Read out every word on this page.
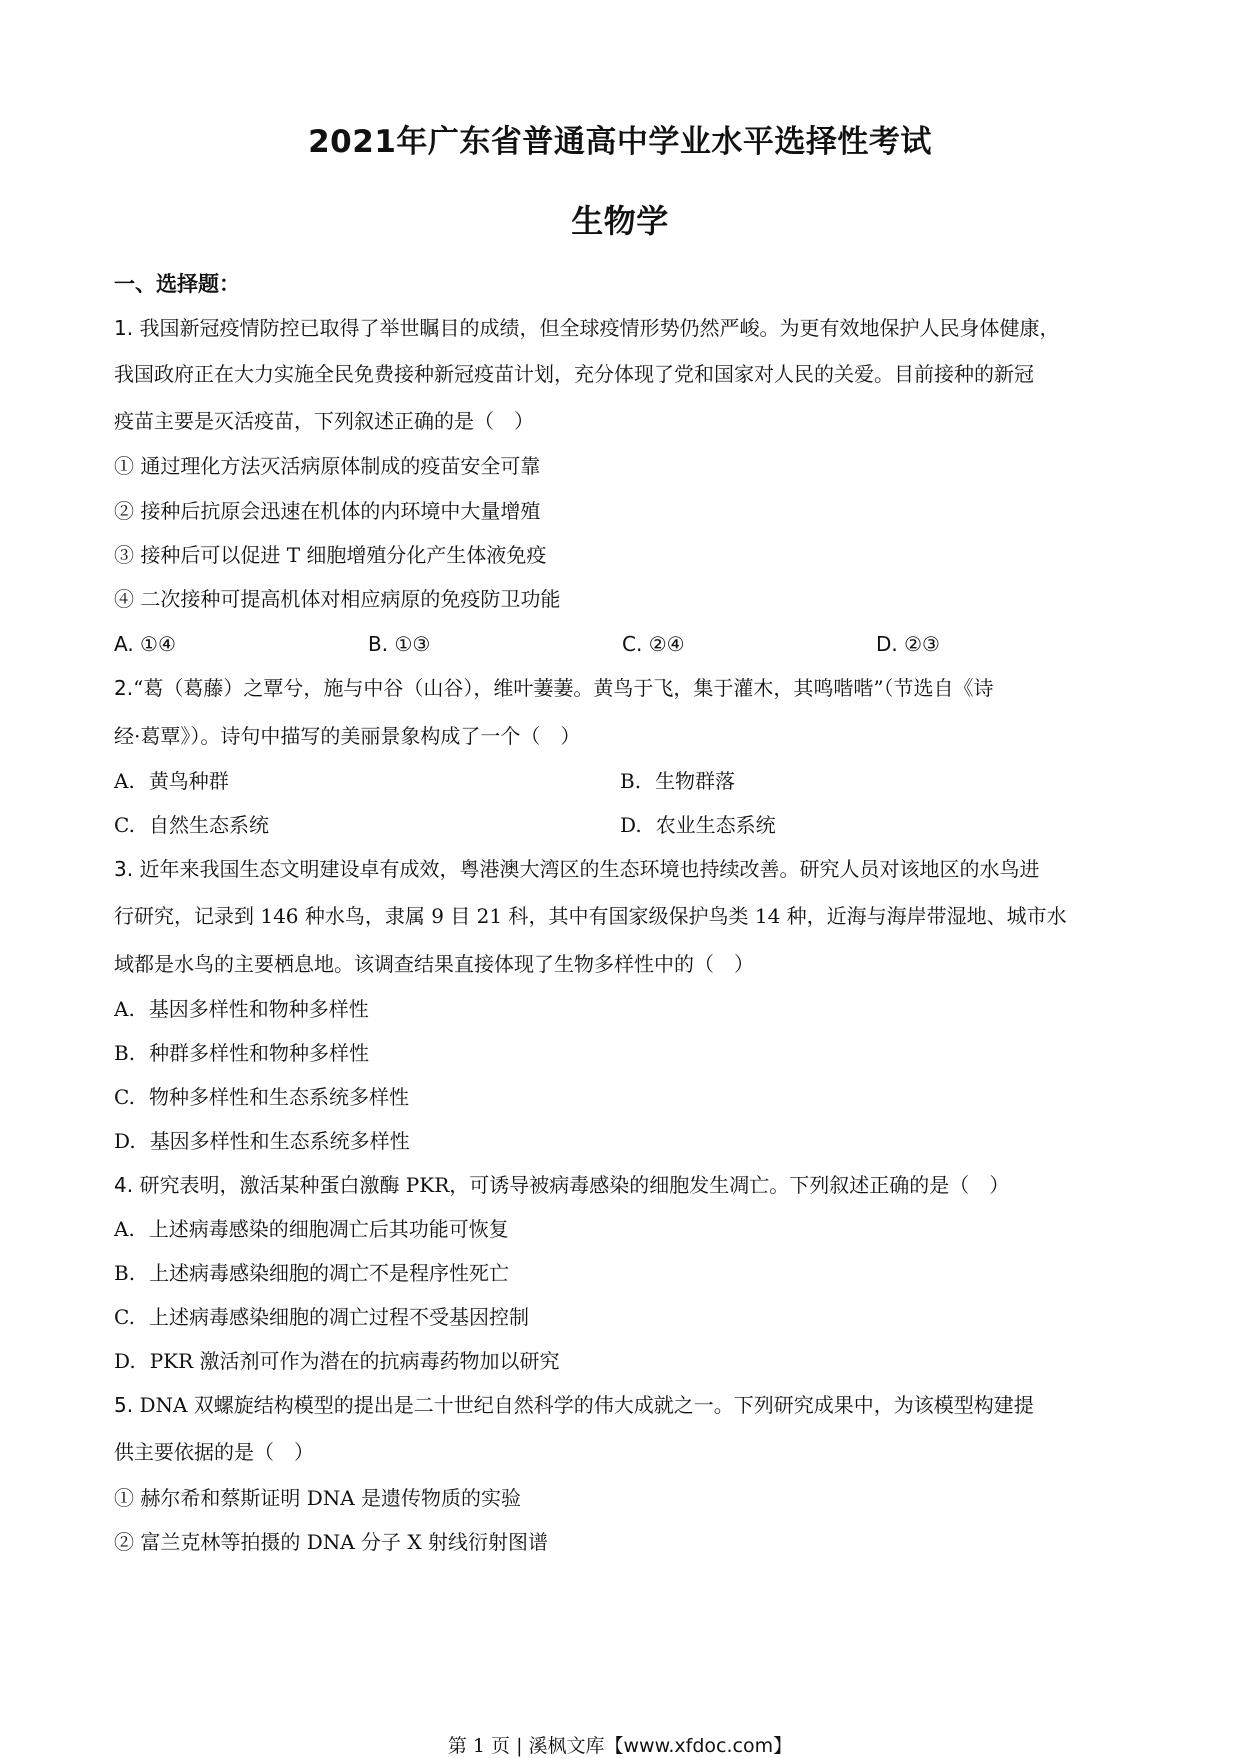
2021年广东省普通高中学业水平选择性考试
生物学
一、选择题：
1. 我国新冠疫情防控已取得了举世瞩目的成绩，但全球疫情形势仍然严峻。为更有效地保护人民身体健康，
我国政府正在大力实施全民免费接种新冠疫苗计划，充分体现了党和国家对人民的关爱。目前接种的新冠
疫苗主要是灭活疫苗，下列叙述正确的是（　）
① 通过理化方法灭活病原体制成的疫苗安全可靠
② 接种后抗原会迅速在机体的内环境中大量增殖
③ 接种后可以促进 T 细胞增殖分化产生体液免疫
④ 二次接种可提高机体对相应病原的免疫防卫功能
A. ①④	B. ①③	C. ②④	D. ②③
2.“葛（葛藤）之覃兮，施与中谷（山谷），维叶萋萋。黄鸟于飞，集于灌木，其鸣喈喈”（节选自《诗
经·葛覃》）。诗句中描写的美丽景象构成了一个（　）
A. 黄鸟种群	B. 生物群落
C. 自然生态系统	D. 农业生态系统
3. 近年来我国生态文明建设卓有成效，粤港澳大湾区的生态环境也持续改善。研究人员对该地区的水鸟进
行研究，记录到 146 种水鸟，隶属 9 目 21 科，其中有国家级保护鸟类 14 种，近海与海岸带湿地、城市水
域都是水鸟的主要栖息地。该调查结果直接体现了生物多样性中的（　）
A. 基因多样性和物种多样性
B. 种群多样性和物种多样性
C. 物种多样性和生态系统多样性
D. 基因多样性和生态系统多样性
4. 研究表明，激活某种蛋白激酶 PKR，可诱导被病毒感染的细胞发生凋亡。下列叙述正确的是（　）
A. 上述病毒感染的细胞凋亡后其功能可恢复
B. 上述病毒感染细胞的凋亡不是程序性死亡
C. 上述病毒感染细胞的凋亡过程不受基因控制
D. PKR 激活剂可作为潜在的抗病毒药物加以研究
5. DNA 双螺旋结构模型的提出是二十世纪自然科学的伟大成就之一。下列研究成果中，为该模型构建提
供主要依据的是（　）
① 赫尔希和蔡斯证明 DNA 是遗传物质的实验
② 富兰克林等拍摄的 DNA 分子 X 射线衍射图谱
第 1 页 | 溪枫文库【www.xfdoc.com】
